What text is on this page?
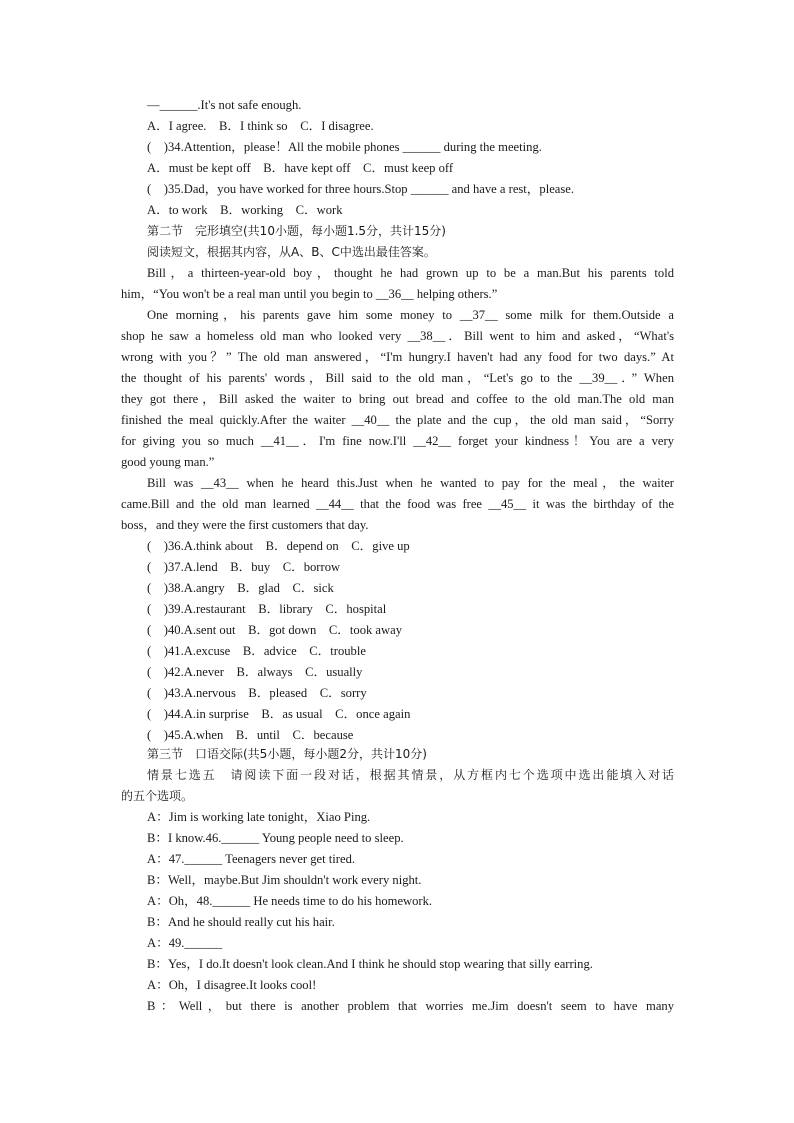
—______.It's not safe enough.
A．I agree.　B．I think so　C．I disagree.
(　)34.Attention，please！All the mobile phones ______ during the meeting.
A．must be kept off　B．have kept off　C．must keep off
(　)35.Dad，you have worked for three hours.Stop ______ and have a rest，please.
A．to work　B．working　C．work
第二节　完形填空(共10小题，每小题1.5分，共计15分)
阅读短文，根据其内容，从A、B、C中选出最佳答案。
Bill，a thirteen-year-old boy，thought he had grown up to be a man.But his parents told
him，“You won't be a real man until you begin to __36__ helping others.”
One morning，his parents gave him some money to __37__ some milk for them.Outside a
shop he saw a homeless old man who looked very __38__．Bill went to him and asked，“What's
wrong with you？” The old man answered，“I'm hungry.I haven't had any food for two days.” At
the thought of his parents' words，Bill said to the old man，“Let's go to the __39__．” When
they got there，Bill asked the waiter to bring out bread and coffee to the old man.The old man
finished the meal quickly.After the waiter __40__ the plate and the cup，the old man said，“Sorry
for giving you so much __41__．I'm fine now.I'll __42__ forget your kindness！You are a very
good young man.”
Bill was __43__ when he heard this.Just when he wanted to pay for the meal，the waiter
came.Bill and the old man learned __44__ that the food was free __45__ it was the birthday of the
boss，and they were the first customers that day.
(　)36.A.think about　B．depend on　C．give up
(　)37.A.lend　B．buy　C．borrow
(　)38.A.angry　B．glad　C．sick
(　)39.A.restaurant　B．library　C．hospital
(　)40.A.sent out　B．got down　C．took away
(　)41.A.excuse　B．advice　C．trouble
(　)42.A.never　B．always　C．usually
(　)43.A.nervous　B．pleased　C．sorry
(　)44.A.in surprise　B．as usual　C．once again
(　)45.A.when　B．until　C．because
第三节　口语交际(共5小题，每小题2分，共计10分)
情景七选五　请阅读下面一段对话，根据其情景，从方框内七个选项中选出能填入对话
的五个选项。
A：Jim is working late tonight，Xiao Ping.
B：I know.46.______ Young people need to sleep.
A：47.______ Teenagers never get tired.
B：Well，maybe.But Jim shouldn't work every night.
A：Oh，48.______ He needs time to do his homework.
B：And he should really cut his hair.
A：49.______
B：Yes，I do.It doesn't look clean.And I think he should stop wearing that silly earring.
A：Oh，I disagree.It looks cool!
B：Well，but there is another problem that worries me.Jim doesn't seem to have many
